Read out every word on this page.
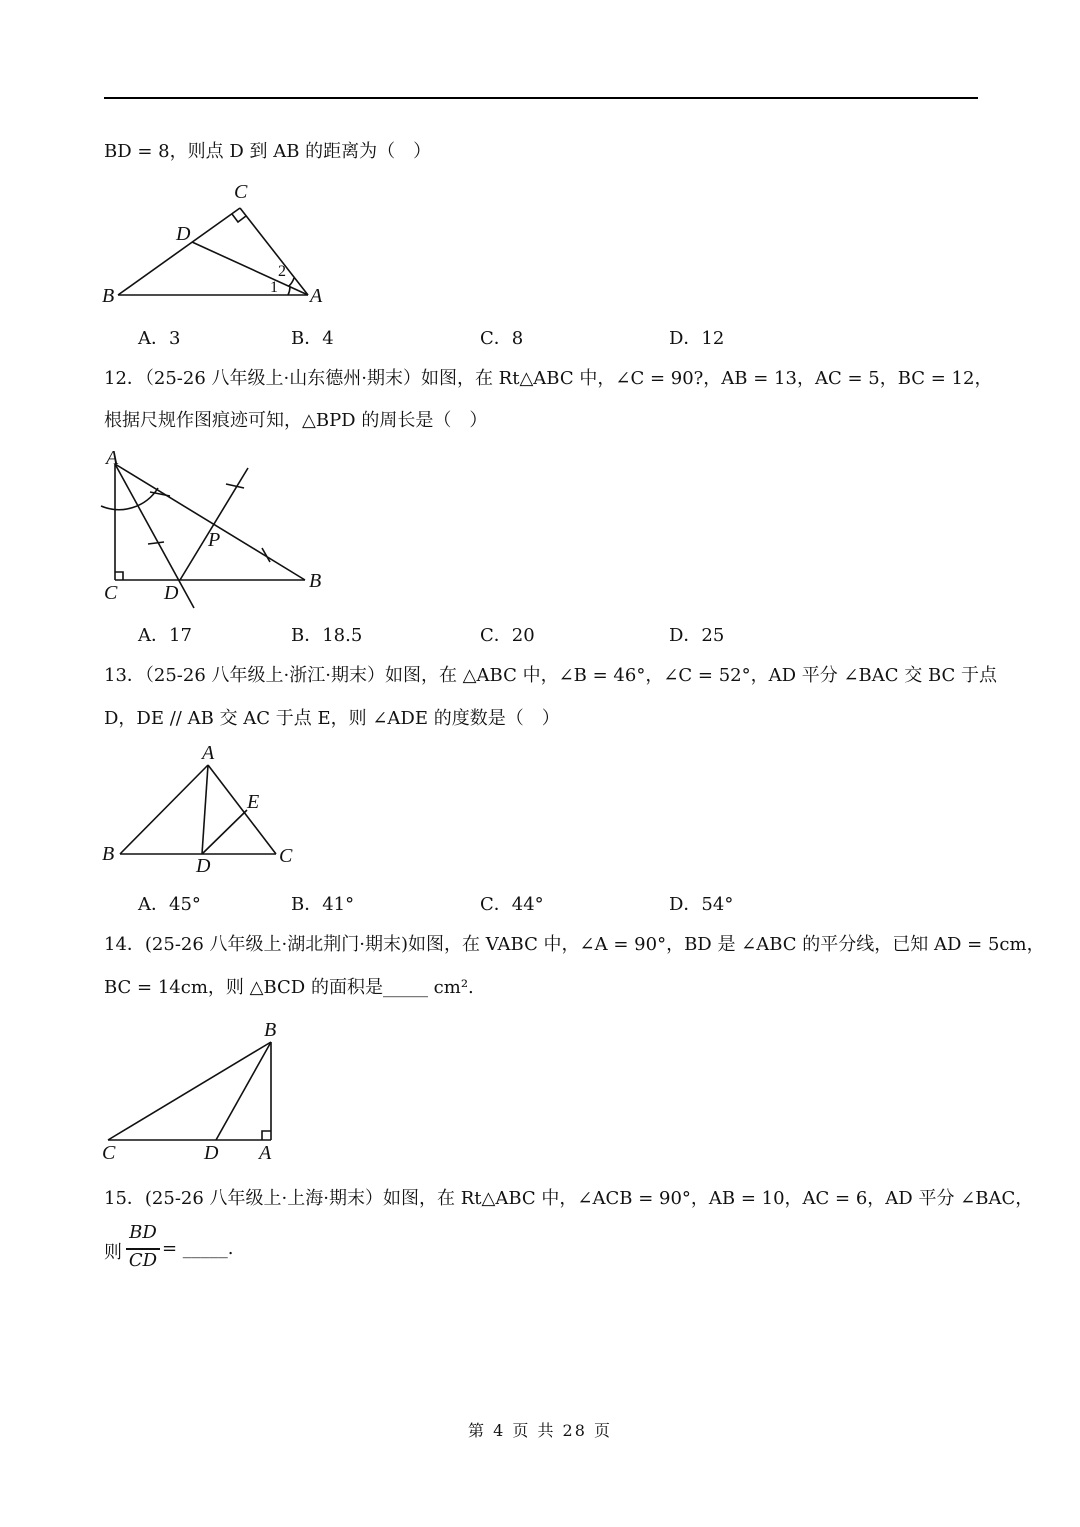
BD = 8，则点 D 到 AB 的距离为（　）
C
D
B	A
1
2
A．3	B．4	C．8	D．12
12．（25-26 八年级上·山东德州·期末）如图，在 Rt△ABC 中，∠C = 90?，AB = 13，AC = 5，BC = 12，
根据尺规作图痕迹可知，△BPD 的周长是（　）
A
C D
P
B
A．17	B．18.5	C．20	D．25
13．（25-26 八年级上·浙江·期末）如图，在 △ABC 中，∠B = 46°，∠C = 52°，AD 平分 ∠BAC 交 BC 于点
D，DE // AB 交 AC 于点 E，则 ∠ADE 的度数是（　）
A
E
B
D	C
A．45°	B．41°	C．44°	D．54°
14．(25-26 八年级上·湖北荆门·期末)如图，在 VABC 中，∠A = 90°，BD 是 ∠ABC 的平分线，已知 AD = 5cm，
BC = 14cm，则 △BCD 的面积是_____ cm².
B
C	D A
15．(25-26 八年级上·上海·期末）如图，在 Rt△ABC 中，∠ACB = 90°，AB = 10，AC = 6，AD 平分 ∠BAC，
则
BD
CD
= _____.
第 4 页 共 28 页
